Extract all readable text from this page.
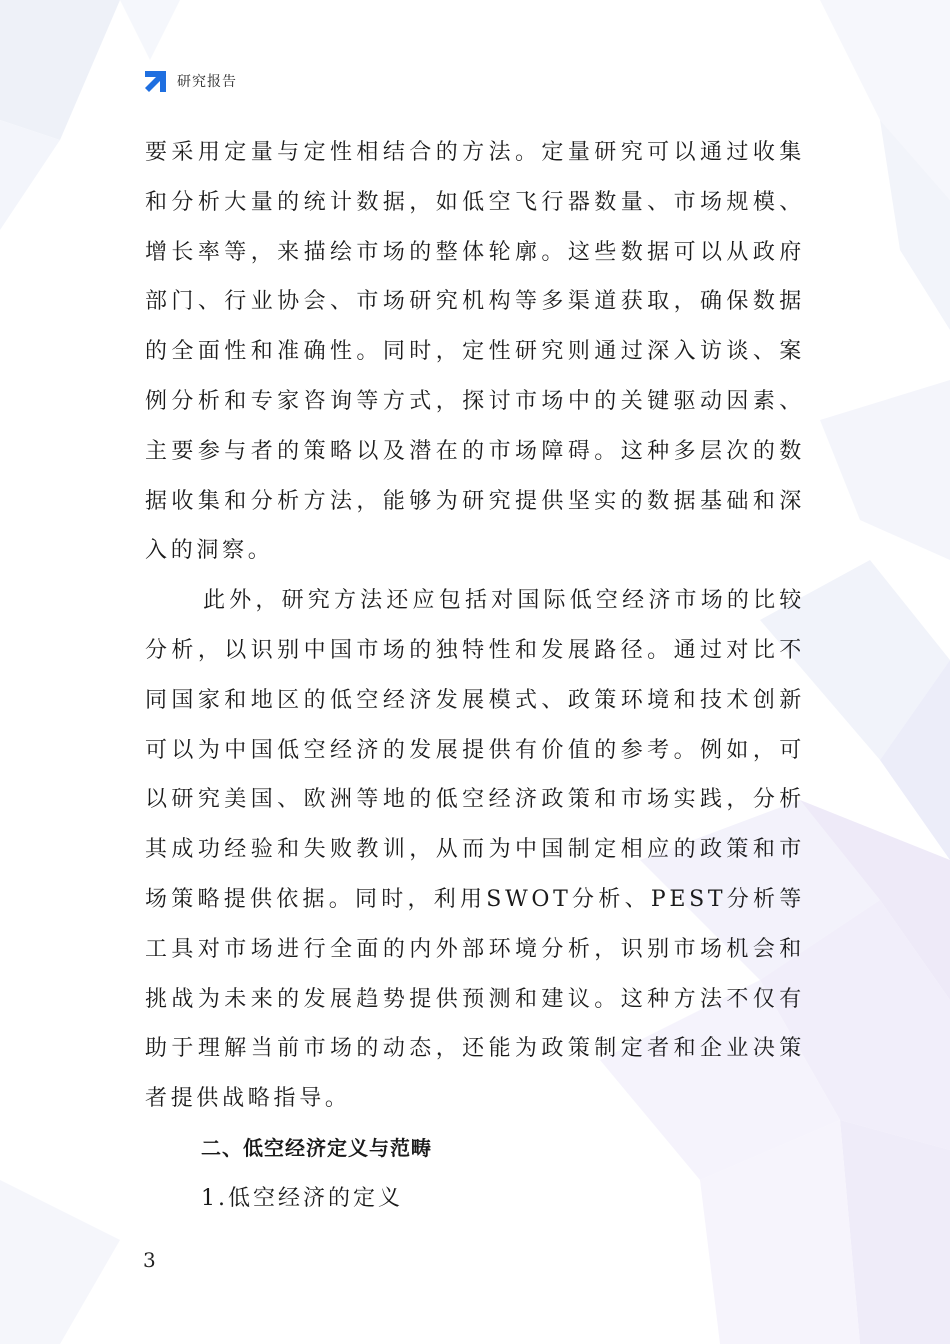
研究报告

要采用定量与定性相结合的方法。定量研究可以通过收集和分析大量的统计数据，如低空飞行器数量、市场规模、增长率等，来描绘市场的整体轮廓。这些数据可以从政府部门、行业协会、市场研究机构等多渠道获取，确保数据的全面性和准确性。同时，定性研究则通过深入访谈、案例分析和专家咨询等方式，探讨市场中的关键驱动因素、主要参与者的策略以及潜在的市场障碍。这种多层次的数据收集和分析方法，能够为研究提供坚实的数据基础和深入的洞察。

此外，研究方法还应包括对国际低空经济市场的比较分析，以识别中国市场的独特性和发展路径。通过对比不同国家和地区的低空经济发展模式、政策环境和技术创新可以为中国低空经济的发展提供有价值的参考。例如，可以研究美国、欧洲等地的低空经济政策和市场实践，分析其成功经验和失败教训，从而为中国制定相应的政策和市场策略提供依据。同时，利用SWOT分析、PEST分析等工具对市场进行全面的内外部环境分析，识别市场机会和挑战为未来的发展趋势提供预测和建议。这种方法不仅有助于理解当前市场的动态，还能为政策制定者和企业决策者提供战略指导。

二、低空经济定义与范畴

1.低空经济的定义

3
